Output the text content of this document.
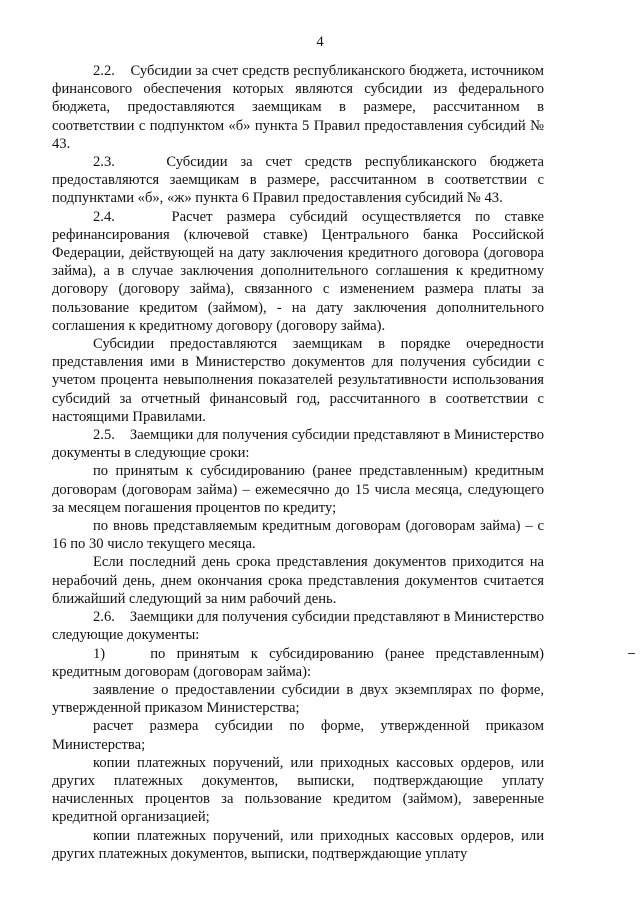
4

2.2.    Субсидии за счет средств республиканского бюджета, источником финансового обеспечения которых являются субсидии из федерального бюджета, предоставляются заемщикам в размере, рассчитанном в соответствии с подпунктом «б» пункта 5 Правил предоставления субсидий № 43.

2.3.    Субсидии за счет средств республиканского бюджета предоставляются заемщикам в размере, рассчитанном в соответствии с подпунктами «б», «ж» пункта 6 Правил предоставления субсидий № 43.

2.4.    Расчет размера субсидий осуществляется по ставке рефинансирования (ключевой ставке) Центрального банка Российской Федерации, действующей на дату заключения кредитного договора (договора займа), а в случае заключения дополнительного соглашения к кредитному договору (договору займа), связанного с изменением размера платы за пользование кредитом (займом), - на дату заключения дополнительного соглашения к кредитному договору (договору займа).

Субсидии предоставляются заемщикам в порядке очередности представления ими в Министерство документов для получения субсидии с учетом процента невыполнения показателей результативности использования субсидий за отчетный финансовый год, рассчитанного в соответствии с настоящими Правилами.

2.5.    Заемщики для получения субсидии представляют в Министерство документы в следующие сроки:

по принятым к субсидированию (ранее представленным) кредитным договорам (договорам займа) – ежемесячно до 15 числа месяца, следующего за месяцем погашения процентов по кредиту;

по вновь представляемым кредитным договорам (договорам займа) – с 16 по 30 число текущего месяца.

Если последний день срока представления документов приходится на нерабочий день, днем окончания срока представления документов считается ближайший следующий за ним рабочий день.

2.6.    Заемщики для получения субсидии представляют в Министерство следующие документы:

1)    по принятым к субсидированию (ранее представленным) кредитным договорам (договорам займа):

заявление о предоставлении субсидии в двух экземплярах по форме, утвержденной приказом Министерства;

расчет размера субсидии по форме, утвержденной приказом Министерства;

копии платежных поручений, или приходных кассовых ордеров, или других платежных документов, выписки, подтверждающие уплату начисленных процентов за пользование кредитом (займом), заверенные кредитной организацией;

копии платежных поручений, или приходных кассовых ордеров, или других платежных документов, выписки, подтверждающие уплату
